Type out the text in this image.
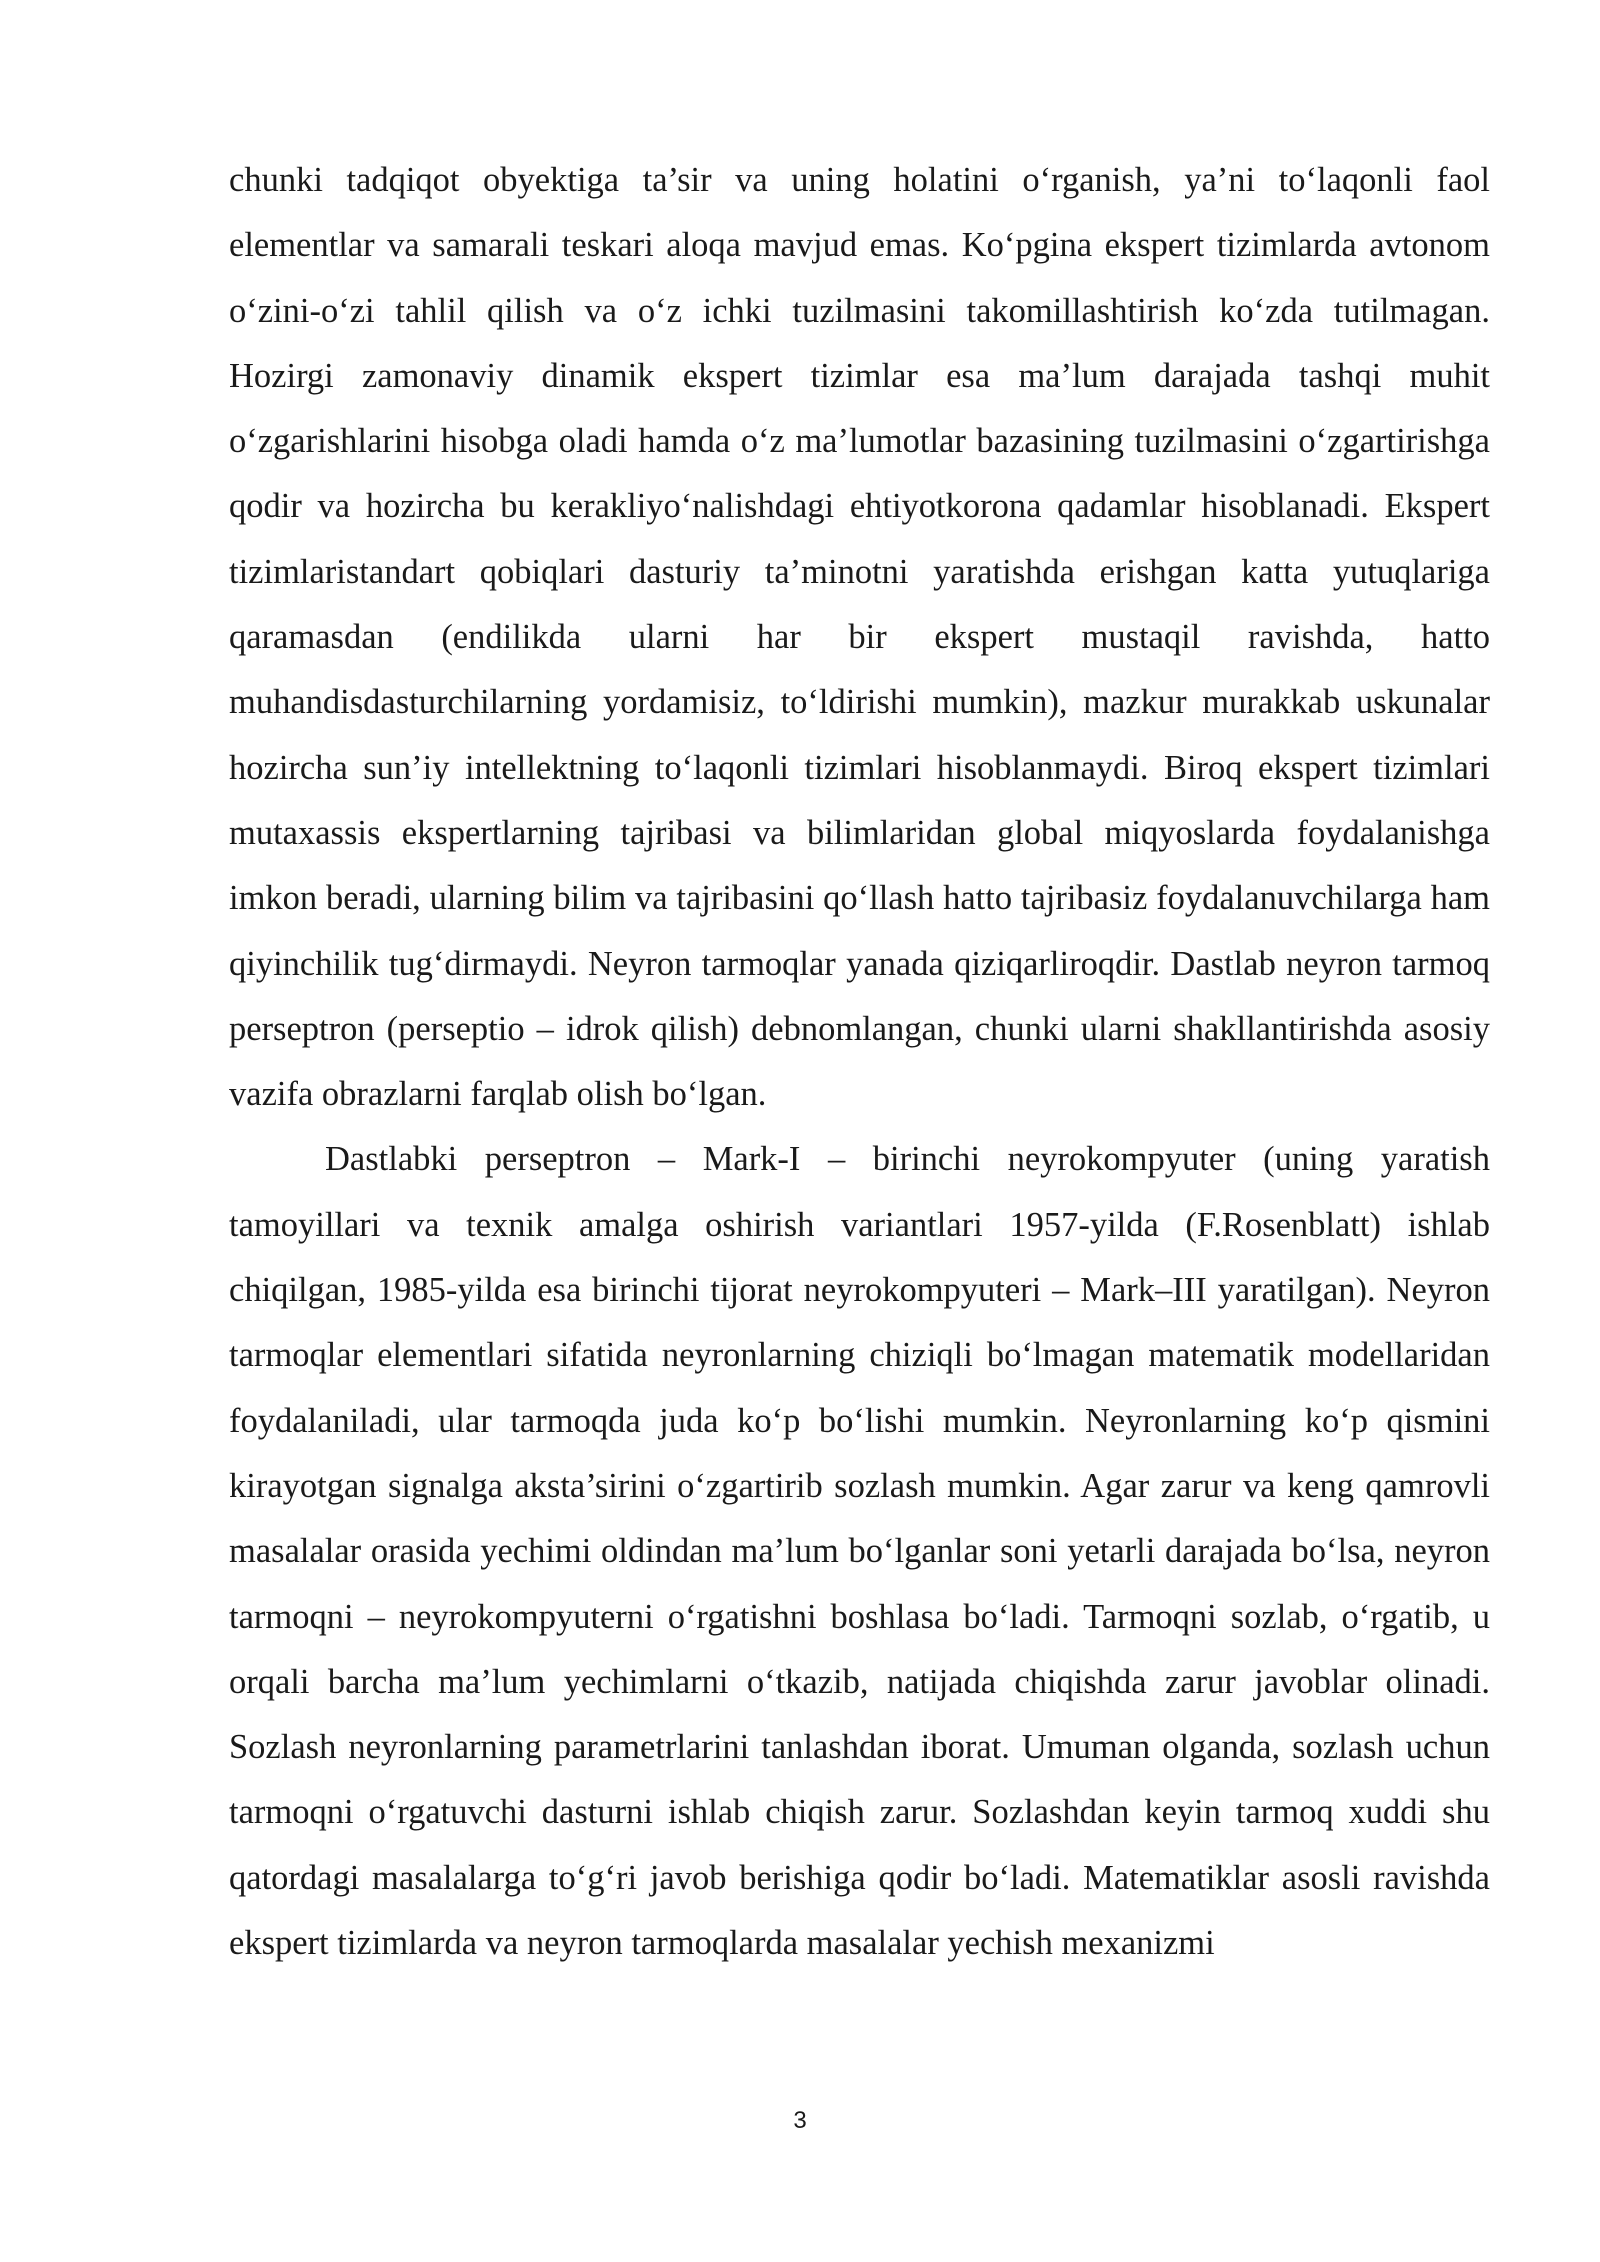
chunki tadqiqot obyektiga ta’sir va uning holatini o‘rganish, ya’ni to‘laqonli faol elementlar va samarali teskari aloqa mavjud emas. Ko‘pgina ekspert tizimlarda avtonom o‘zini-o‘zi tahlil qilish va o‘z ichki tuzilmasini takomillashtirish ko‘zda tutilmagan. Hozirgi zamonaviy dinamik ekspert tizimlar esa ma’lum darajada tashqi muhit o‘zgarishlarini hisobga oladi hamda o‘z ma’lumotlar bazasining tuzilmasini o‘zgartirishga qodir va hozircha bu kerakliyo‘nalishdagi ehtiyotkorona qadamlar hisoblanadi. Ekspert tizimlaristandart qobiqlari dasturiy ta’minotni yaratishda erishgan katta yutuqlariga qaramasdan (endilikda ularni har bir ekspert mustaqil ravishda, hatto muhandisdasturchilarning yordamisiz, to‘ldirishi mumkin), mazkur murakkab uskunalar hozircha sun’iy intellektning to‘laqonli tizimlari hisoblanmaydi. Biroq ekspert tizimlari mutaxassis ekspertlarning tajribasi va bilimlaridan global miqyoslarda foydalanishga imkon beradi, ularning bilim va tajribasini qo‘llash hatto tajribasiz foydalanuvchilarga ham qiyinchilik tug‘dirmaydi. Neyron tarmoqlar yanada qiziqarliroqdir. Dastlab neyron tarmoq perseptron (perseptio – idrok qilish) debnomlangan, chunki ularni shakllantirishda asosiy vazifa obrazlarni farqlab olish bo‘lgan.

Dastlabki perseptron – Mark-I – birinchi neyrokompyuter (uning yaratish tamoyillari va texnik amalga oshirish variantlari 1957-yilda (F.Rosenblatt) ishlab chiqilgan, 1985-yilda esa birinchi tijorat neyrokompyuteri – Mark–III yaratilgan). Neyron tarmoqlar elementlari sifatida neyronlarning chiziqli bo‘lmagan matematik modellaridan foydalaniladi, ular tarmoqda juda ko‘p bo‘lishi mumkin. Neyronlarning ko‘p qismini kirayotgan signalga aksta’sirini o‘zgartirib sozlash mumkin. Agar zarur va keng qamrovli masalalar orasida yechimi oldindan ma’lum bo‘lganlar soni yetarli darajada bo‘lsa, neyron tarmoqni – neyrokompyuterni o‘rgatishni boshlasa bo‘ladi. Tarmoqni sozlab, o‘rgatib, u orqali barcha ma’lum yechimlarni o‘tkazib, natijada chiqishda zarur javoblar olinadi. Sozlash neyronlarning parametrlarini tanlashdan iborat. Umuman olganda, sozlash uchun tarmoqni o‘rgatuvchi dasturni ishlab chiqish zarur. Sozlashdan keyin tarmoq xuddi shu qatordagi masalalarga to‘g‘ri javob berishiga qodir bo‘ladi. Matematiklar asosli ravishda ekspert tizimlarda va neyron tarmoqlarda masalalar yechish mexanizmi

3
